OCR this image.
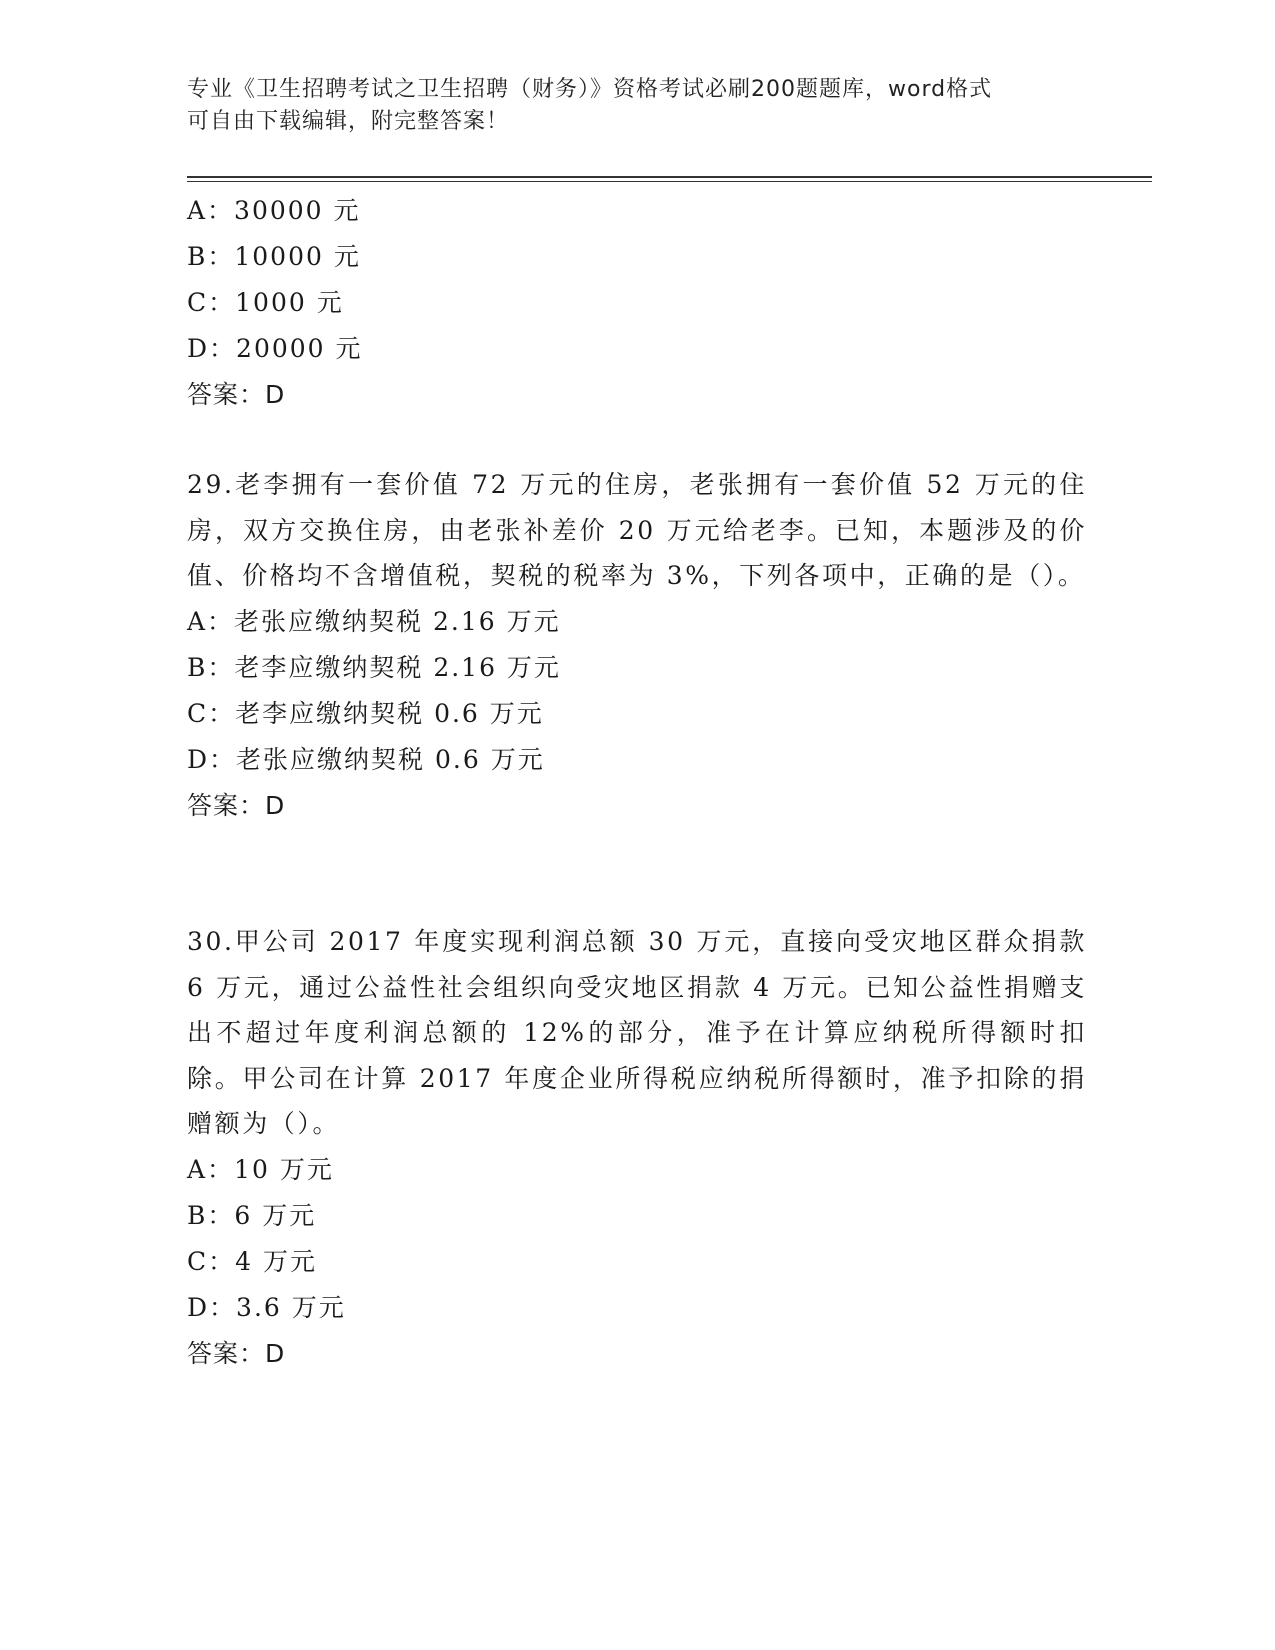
专业《卫生招聘考试之卫生招聘（财务）》资格考试必刷200题题库，word格式
可自由下载编辑，附完整答案！
A：30000 元
B：10000 元
C：1000 元
D：20000 元
答案：D
29.老李拥有一套价值 72 万元的住房，老张拥有一套价值 52 万元的住房，双方交换住房，由老张补差价 20 万元给老李。已知，本题涉及的价值、价格均不含增值税，契税的税率为 3%，下列各项中，正确的是（）。
A：老张应缴纳契税 2.16 万元
B：老李应缴纳契税 2.16 万元
C：老李应缴纳契税 0.6 万元
D：老张应缴纳契税 0.6 万元
答案：D
30.甲公司 2017 年度实现利润总额 30 万元，直接向受灾地区群众捐款 6 万元，通过公益性社会组织向受灾地区捐款 4 万元。已知公益性捐赠支出不超过年度利润总额的 12%的部分，准予在计算应纳税所得额时扣除。甲公司在计算 2017 年度企业所得税应纳税所得额时，准予扣除的捐赠额为（）。
A：10 万元
B：6 万元
C：4 万元
D：3.6 万元
答案：D
